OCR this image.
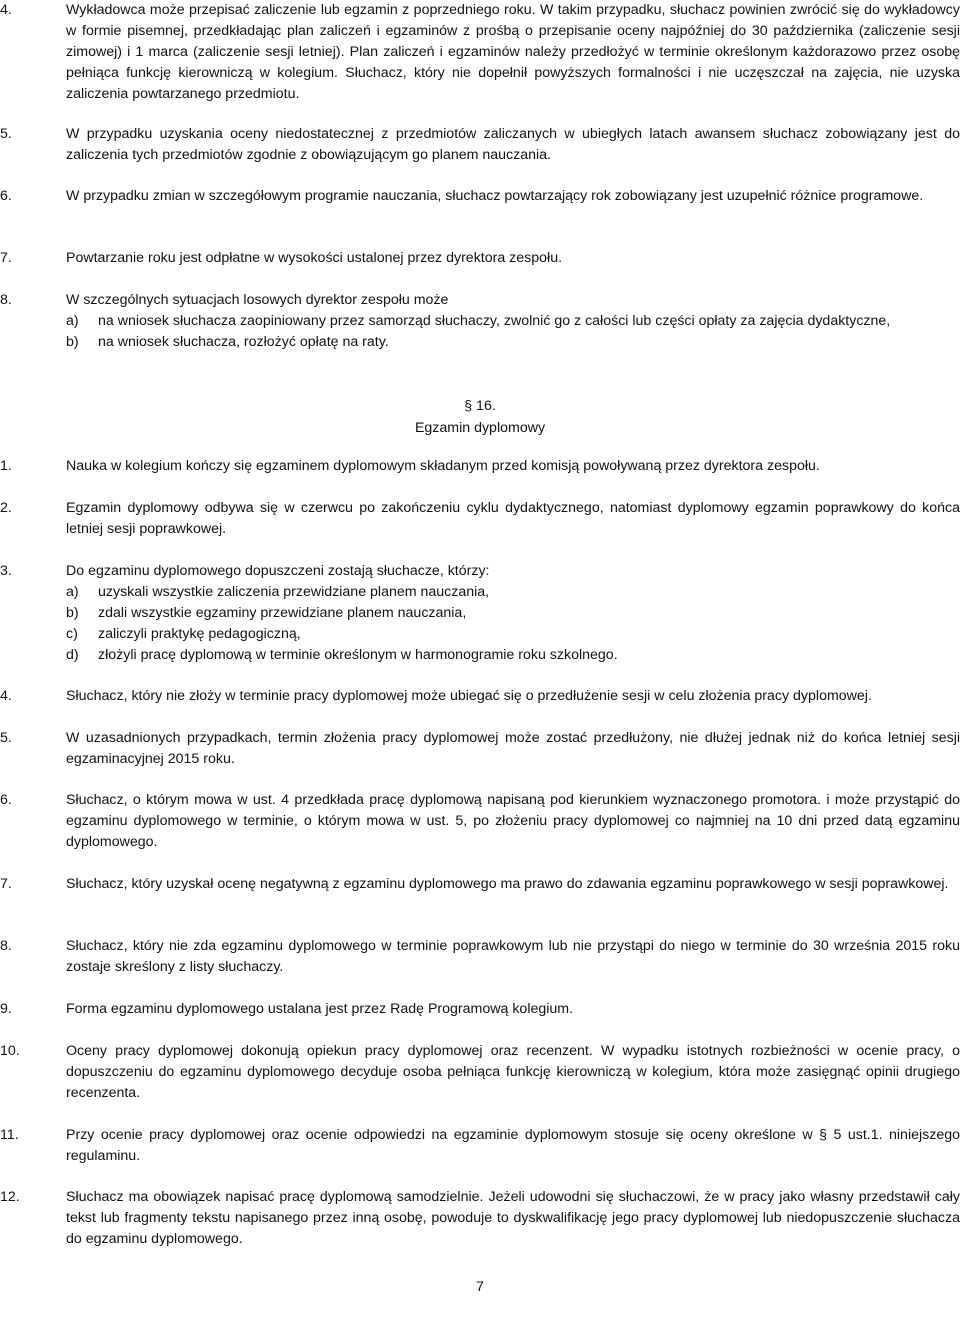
4.	Wykładowca może przepisać zaliczenie lub egzamin z poprzedniego roku. W takim przypadku, słuchacz powinien zwrócić się do wykładowcy w formie pisemnej, przedkładając plan zaliczeń i egzaminów z prośbą o przepisanie oceny najpóźniej do 30 października (zaliczenie sesji zimowej) i 1 marca (zaliczenie sesji letniej). Plan zaliczeń i egzaminów należy przedłożyć w terminie określonym każdorazowo przez osobę pełniąca funkcję kierowniczą w kolegium. Słuchacz, który nie dopełnił powyższych formalności i nie uczęszczał na zajęcia, nie uzyska zaliczenia powtarzanego przedmiotu.
5.	W przypadku uzyskania oceny niedostatecznej z przedmiotów zaliczanych w ubiegłych latach awansem słuchacz zobowiązany jest do zaliczenia tych przedmiotów zgodnie z obowiązującym go planem nauczania.
6.	W przypadku zmian w szczegółowym programie nauczania, słuchacz powtarzający rok zobowiązany jest uzupełnić różnice programowe.
7.	Powtarzanie roku jest odpłatne w wysokości ustalonej przez dyrektora zespołu.
8.	W szczególnych sytuacjach losowych dyrektor zespołu może
a)	na wniosek słuchacza zaopiniowany przez samorząd słuchaczy, zwolnić go z całości lub części opłaty za zajęcia dydaktyczne,
b)	na wniosek słuchacza, rozłożyć opłatę na raty.
§ 16.
Egzamin dyplomowy
1.	Nauka w kolegium kończy się egzaminem dyplomowym składanym przed komisją powoływaną przez dyrektora zespołu.
2.	Egzamin dyplomowy odbywa się w czerwcu po zakończeniu cyklu dydaktycznego, natomiast dyplomowy egzamin poprawkowy do końca letniej sesji poprawkowej.
3.	Do egzaminu dyplomowego dopuszczeni zostają słuchacze, którzy:
a)	uzyskali wszystkie zaliczenia przewidziane planem nauczania,
b)	zdali wszystkie egzaminy przewidziane planem nauczania,
c)	zaliczyli praktykę pedagogiczną,
d)	złożyli pracę dyplomową w terminie określonym w harmonogramie roku szkolnego.
4.	Słuchacz, który nie złoży w terminie pracy dyplomowej może ubiegać się o przedłużenie sesji w celu złożenia pracy dyplomowej.
5.	W uzasadnionych przypadkach, termin złożenia pracy dyplomowej może zostać przedłużony, nie dłużej jednak niż do końca letniej sesji egzaminacyjnej 2015 roku.
6.	Słuchacz, o którym mowa w ust. 4 przedkłada pracę dyplomową napisaną pod kierunkiem wyznaczonego promotora. i może przystąpić do egzaminu dyplomowego w terminie, o którym mowa w ust. 5, po złożeniu pracy dyplomowej co najmniej na 10 dni przed datą egzaminu dyplomowego.
7.	Słuchacz, który uzyskał ocenę negatywną z egzaminu dyplomowego ma prawo do zdawania egzaminu poprawkowego w sesji poprawkowej.
8.	Słuchacz, który nie zda egzaminu dyplomowego w terminie poprawkowym lub nie przystąpi do niego w terminie do 30 września 2015 roku zostaje skreślony z listy słuchaczy.
9.	Forma egzaminu dyplomowego ustalana jest przez Radę Programową kolegium.
10.	Oceny pracy dyplomowej dokonują opiekun pracy dyplomowej oraz recenzent. W wypadku istotnych rozbieżności w ocenie pracy, o dopuszczeniu do egzaminu dyplomowego decyduje osoba pełniąca funkcję kierowniczą w kolegium, która może zasięgnąć opinii drugiego recenzenta.
11.	Przy ocenie pracy dyplomowej oraz ocenie odpowiedzi na egzaminie dyplomowym stosuje się oceny określone w § 5 ust.1. niniejszego regulaminu.
12.	Słuchacz ma obowiązek napisać pracę dyplomową samodzielnie. Jeżeli udowodni się słuchaczowi, że w pracy jako własny przedstawił cały tekst lub fragmenty tekstu napisanego przez inną osobę, powoduje to dyskwalifikację jego pracy dyplomowej lub niedopuszczenie słuchacza do egzaminu dyplomowego.
7
